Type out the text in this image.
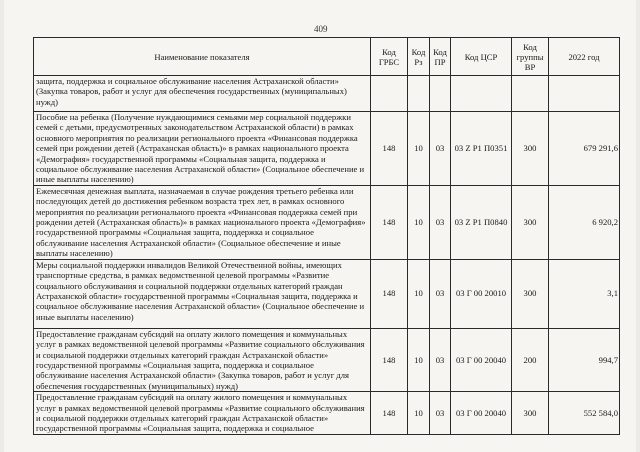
409
Наименование показателя	Код ГРБС	Код Рз	Код ПР	Код ЦСР	Код группы ВР	2022 год
защита, поддержка и социальное обслуживание населения Астраханской области» (Закупка товаров, работ и услуг для обеспечения государственных (муниципальных) нужд)						
Пособие на ребенка (Получение нуждающимися семьями мер социальной поддержки семей с детьми, предусмотренных законодательством Астраханской области) в рамках основного мероприятия по реализации регионального проекта «Финансовая поддержка семей при рождении детей (Астраханская область)» в рамках национального проекта «Демография» государственной программы «Социальная защита, поддержка и социальное обслуживание населения Астраханской области» (Социальное обеспечение и иные выплаты населению)	148	10	03	03 Z P1 П0351	300	679 291,6
Ежемесячная денежная выплата, назначаемая в случае рождения третьего ребенка или последующих детей до достижения ребенком возраста трех лет, в рамках основного мероприятия по реализации регионального проекта «Финансовая поддержка семей при рождении детей (Астраханская область)» в рамках национального проекта «Демография» государственной программы «Социальная защита, поддержка и социальное обслуживание населения Астраханской области» (Социальное обеспечение и иные выплаты населению)	148	10	03	03 Z P1 П0840	300	6 920,2
Меры социальной поддержки инвалидов Великой Отечественной войны, имеющих транспортные средства, в рамках ведомственной целевой программы «Развитие социального обслуживания и социальной поддержки отдельных категорий граждан Астраханской области» государственной программы «Социальная защита, поддержка и социальное обслуживание населения Астраханской области» (Социальное обеспечение и иные выплаты населению)	148	10	03	03 Г 00 20010	300	3,1
Предоставление гражданам субсидий на оплату жилого помещения и коммунальных услуг в рамках ведомственной целевой программы «Развитие социального обслуживания и социальной поддержки отдельных категорий граждан Астраханской области» государственной программы «Социальная защита, поддержка и социальное обслуживание населения Астраханской области» (Закупка товаров, работ и услуг для обеспечения государственных (муниципальных) нужд)	148	10	03	03 Г 00 20040	200	994,7
Предоставление гражданам субсидий на оплату жилого помещения и коммунальных услуг в рамках ведомственной целевой программы «Развитие социального обслуживания и социальной поддержки отдельных категорий граждан Астраханской области» государственной программы «Социальная защита, поддержка и социальное	148	10	03	03 Г 00 20040	300	552 584,0
